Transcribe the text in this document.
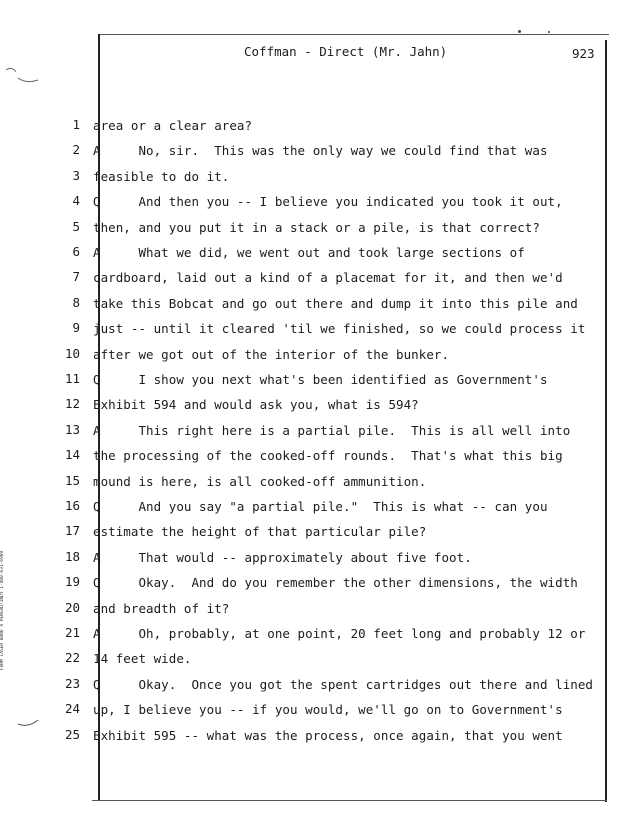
FORM LASER BOND A PENGAD/INDY 1-800-631-6989
Coffman - Direct (Mr. Jahn)	923
1 area or a clear area?
2 A     No, sir.  This was the only way we could find that was
3 feasible to do it.
4 Q     And then you -- I believe you indicated you took it out,
5 then, and you put it in a stack or a pile, is that correct?
6 A     What we did, we went out and took large sections of
7 cardboard, laid out a kind of a placemat for it, and then we'd
8 take this Bobcat and go out there and dump it into this pile and
9 just -- until it cleared 'til we finished, so we could process it
10 after we got out of the interior of the bunker.
11 Q     I show you next what's been identified as Government's
12 Exhibit 594 and would ask you, what is 594?
13 A     This right here is a partial pile.  This is all well into
14 the processing of the cooked-off rounds.  That's what this big
15 mound is here, is all cooked-off ammunition.
16 Q     And you say "a partial pile."  This is what -- can you
17 estimate the height of that particular pile?
18 A     That would -- approximately about five foot.
19 Q     Okay.  And do you remember the other dimensions, the width
20 and breadth of it?
21 A     Oh, probably, at one point, 20 feet long and probably 12 or
22 14 feet wide.
23 Q     Okay.  Once you got the spent cartridges out there and lined
24 up, I believe you -- if you would, we'll go on to Government's
25 Exhibit 595 -- what was the process, once again, that you went
